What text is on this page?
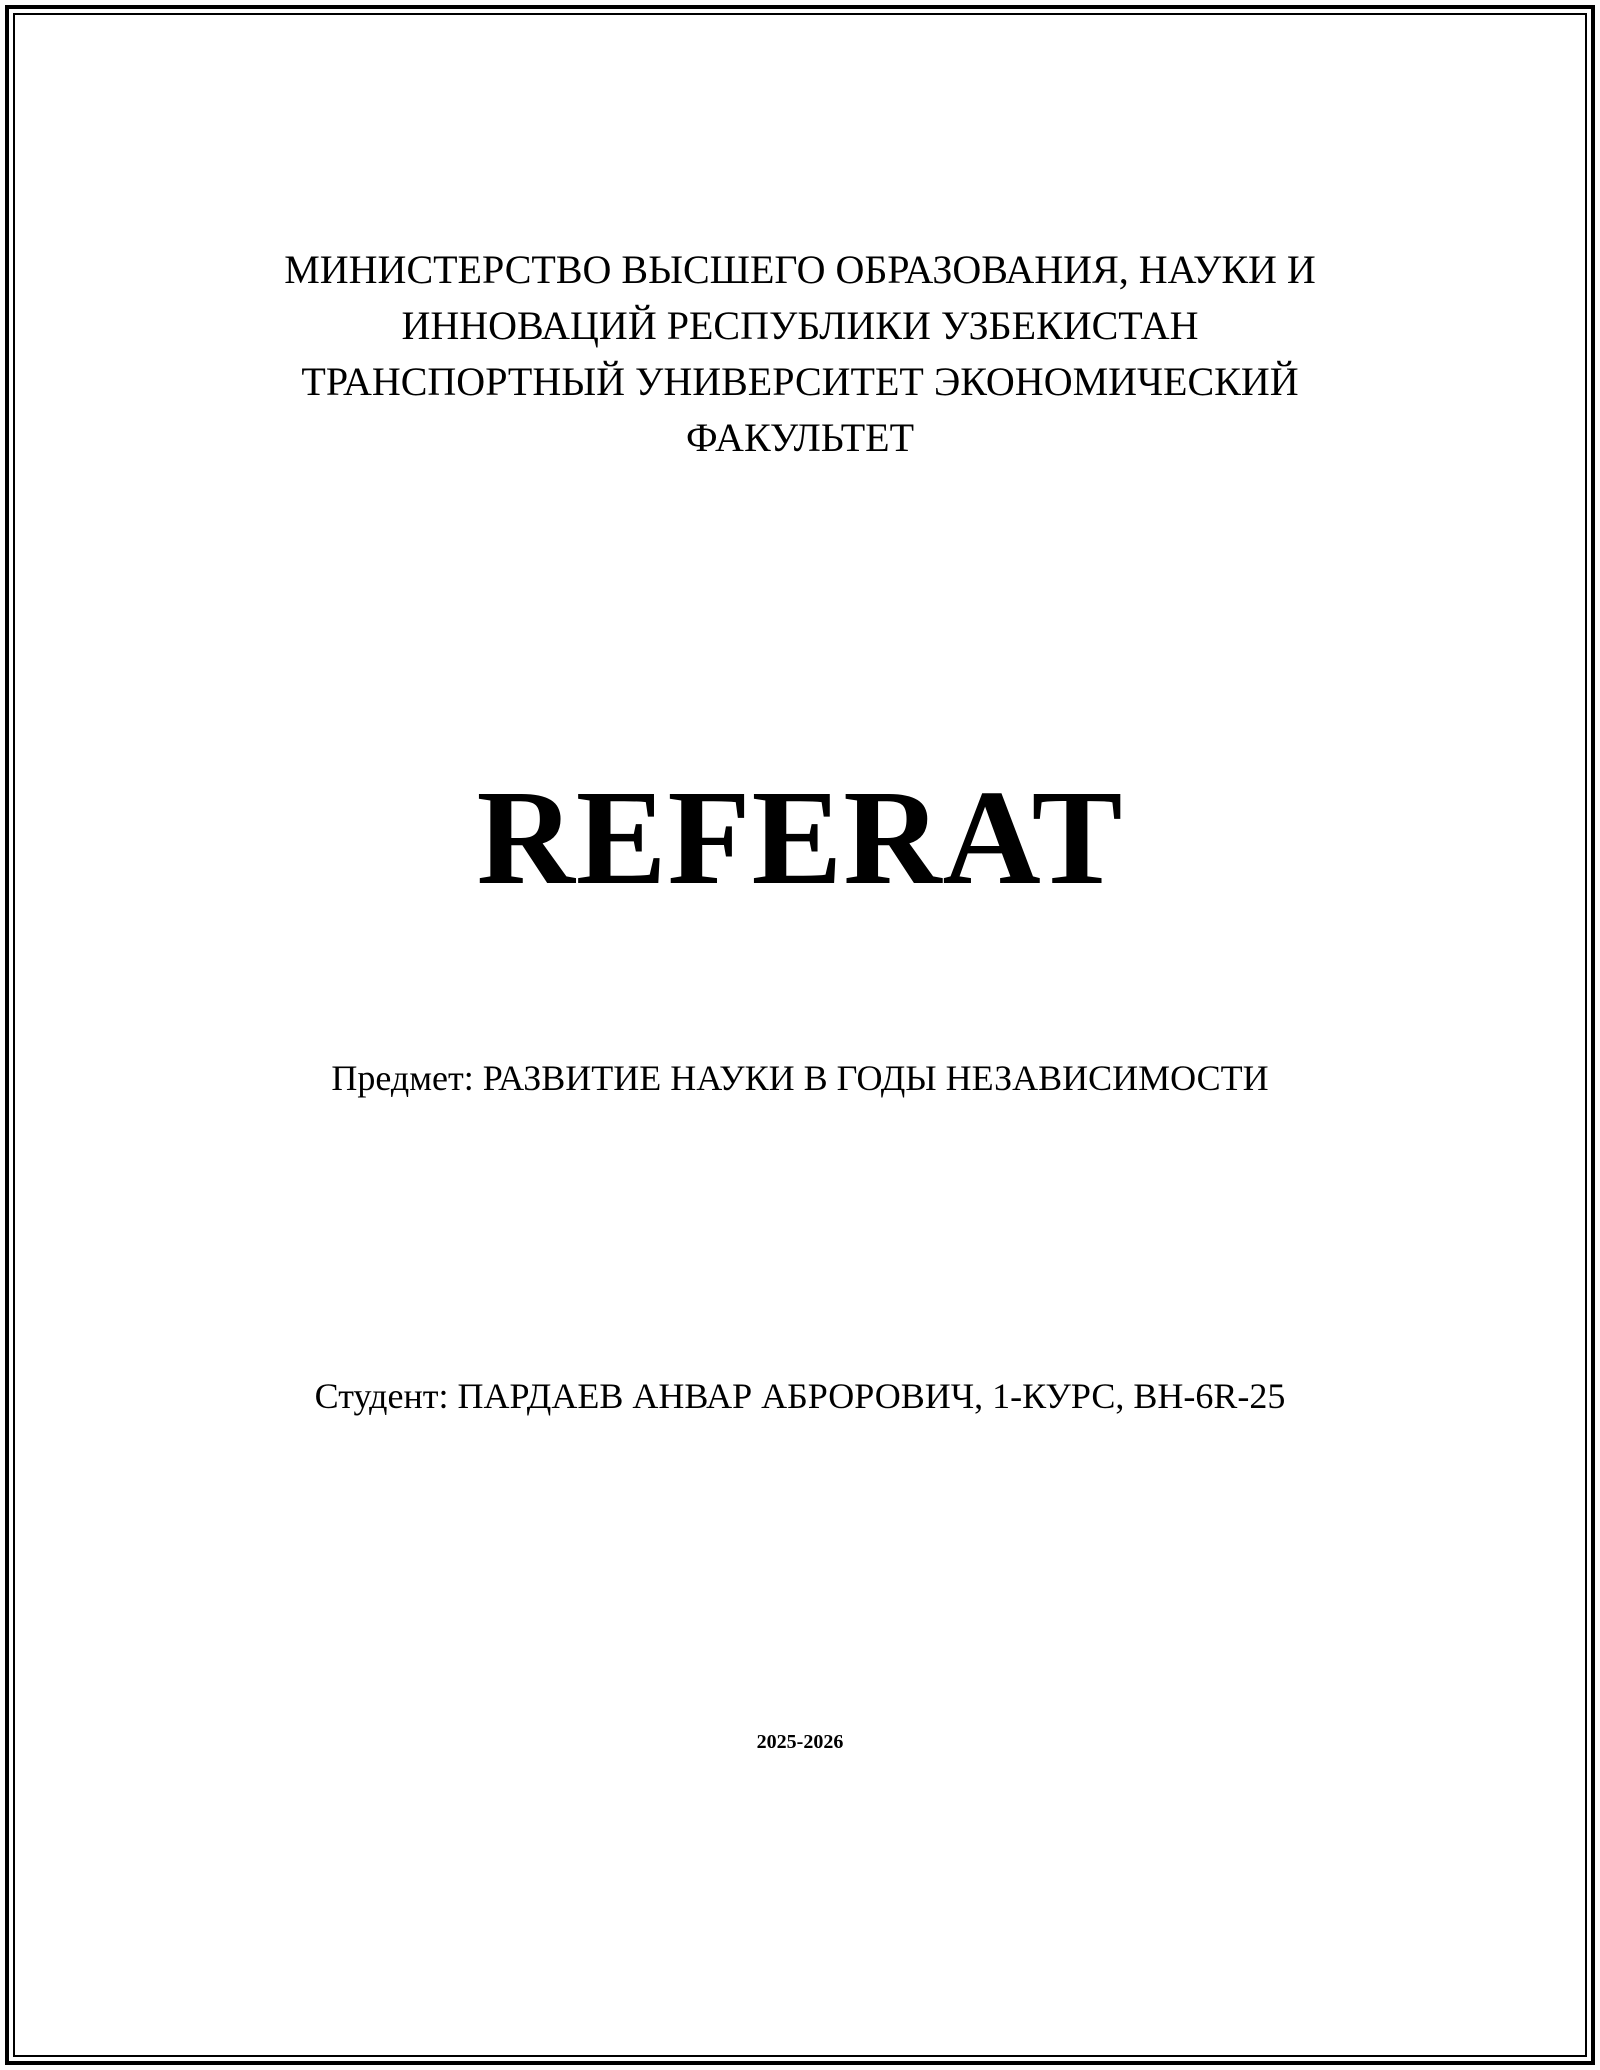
МИНИСТЕРСТВО ВЫСШЕГО ОБРАЗОВАНИЯ, НАУКИ И
ИННОВАЦИЙ РЕСПУБЛИКИ УЗБЕКИСТАН
ТРАНСПОРТНЫЙ УНИВЕРСИТЕТ ЭКОНОМИЧЕСКИЙ
ФАКУЛЬТЕТ
REFERAT
Предмет: РАЗВИТИЕ НАУКИ В ГОДЫ НЕЗАВИСИМОСТИ
Студент: ПАРДАЕВ АНВАР АБРОРОВИЧ, 1-КУРС, BH-6R-25
2025-2026
